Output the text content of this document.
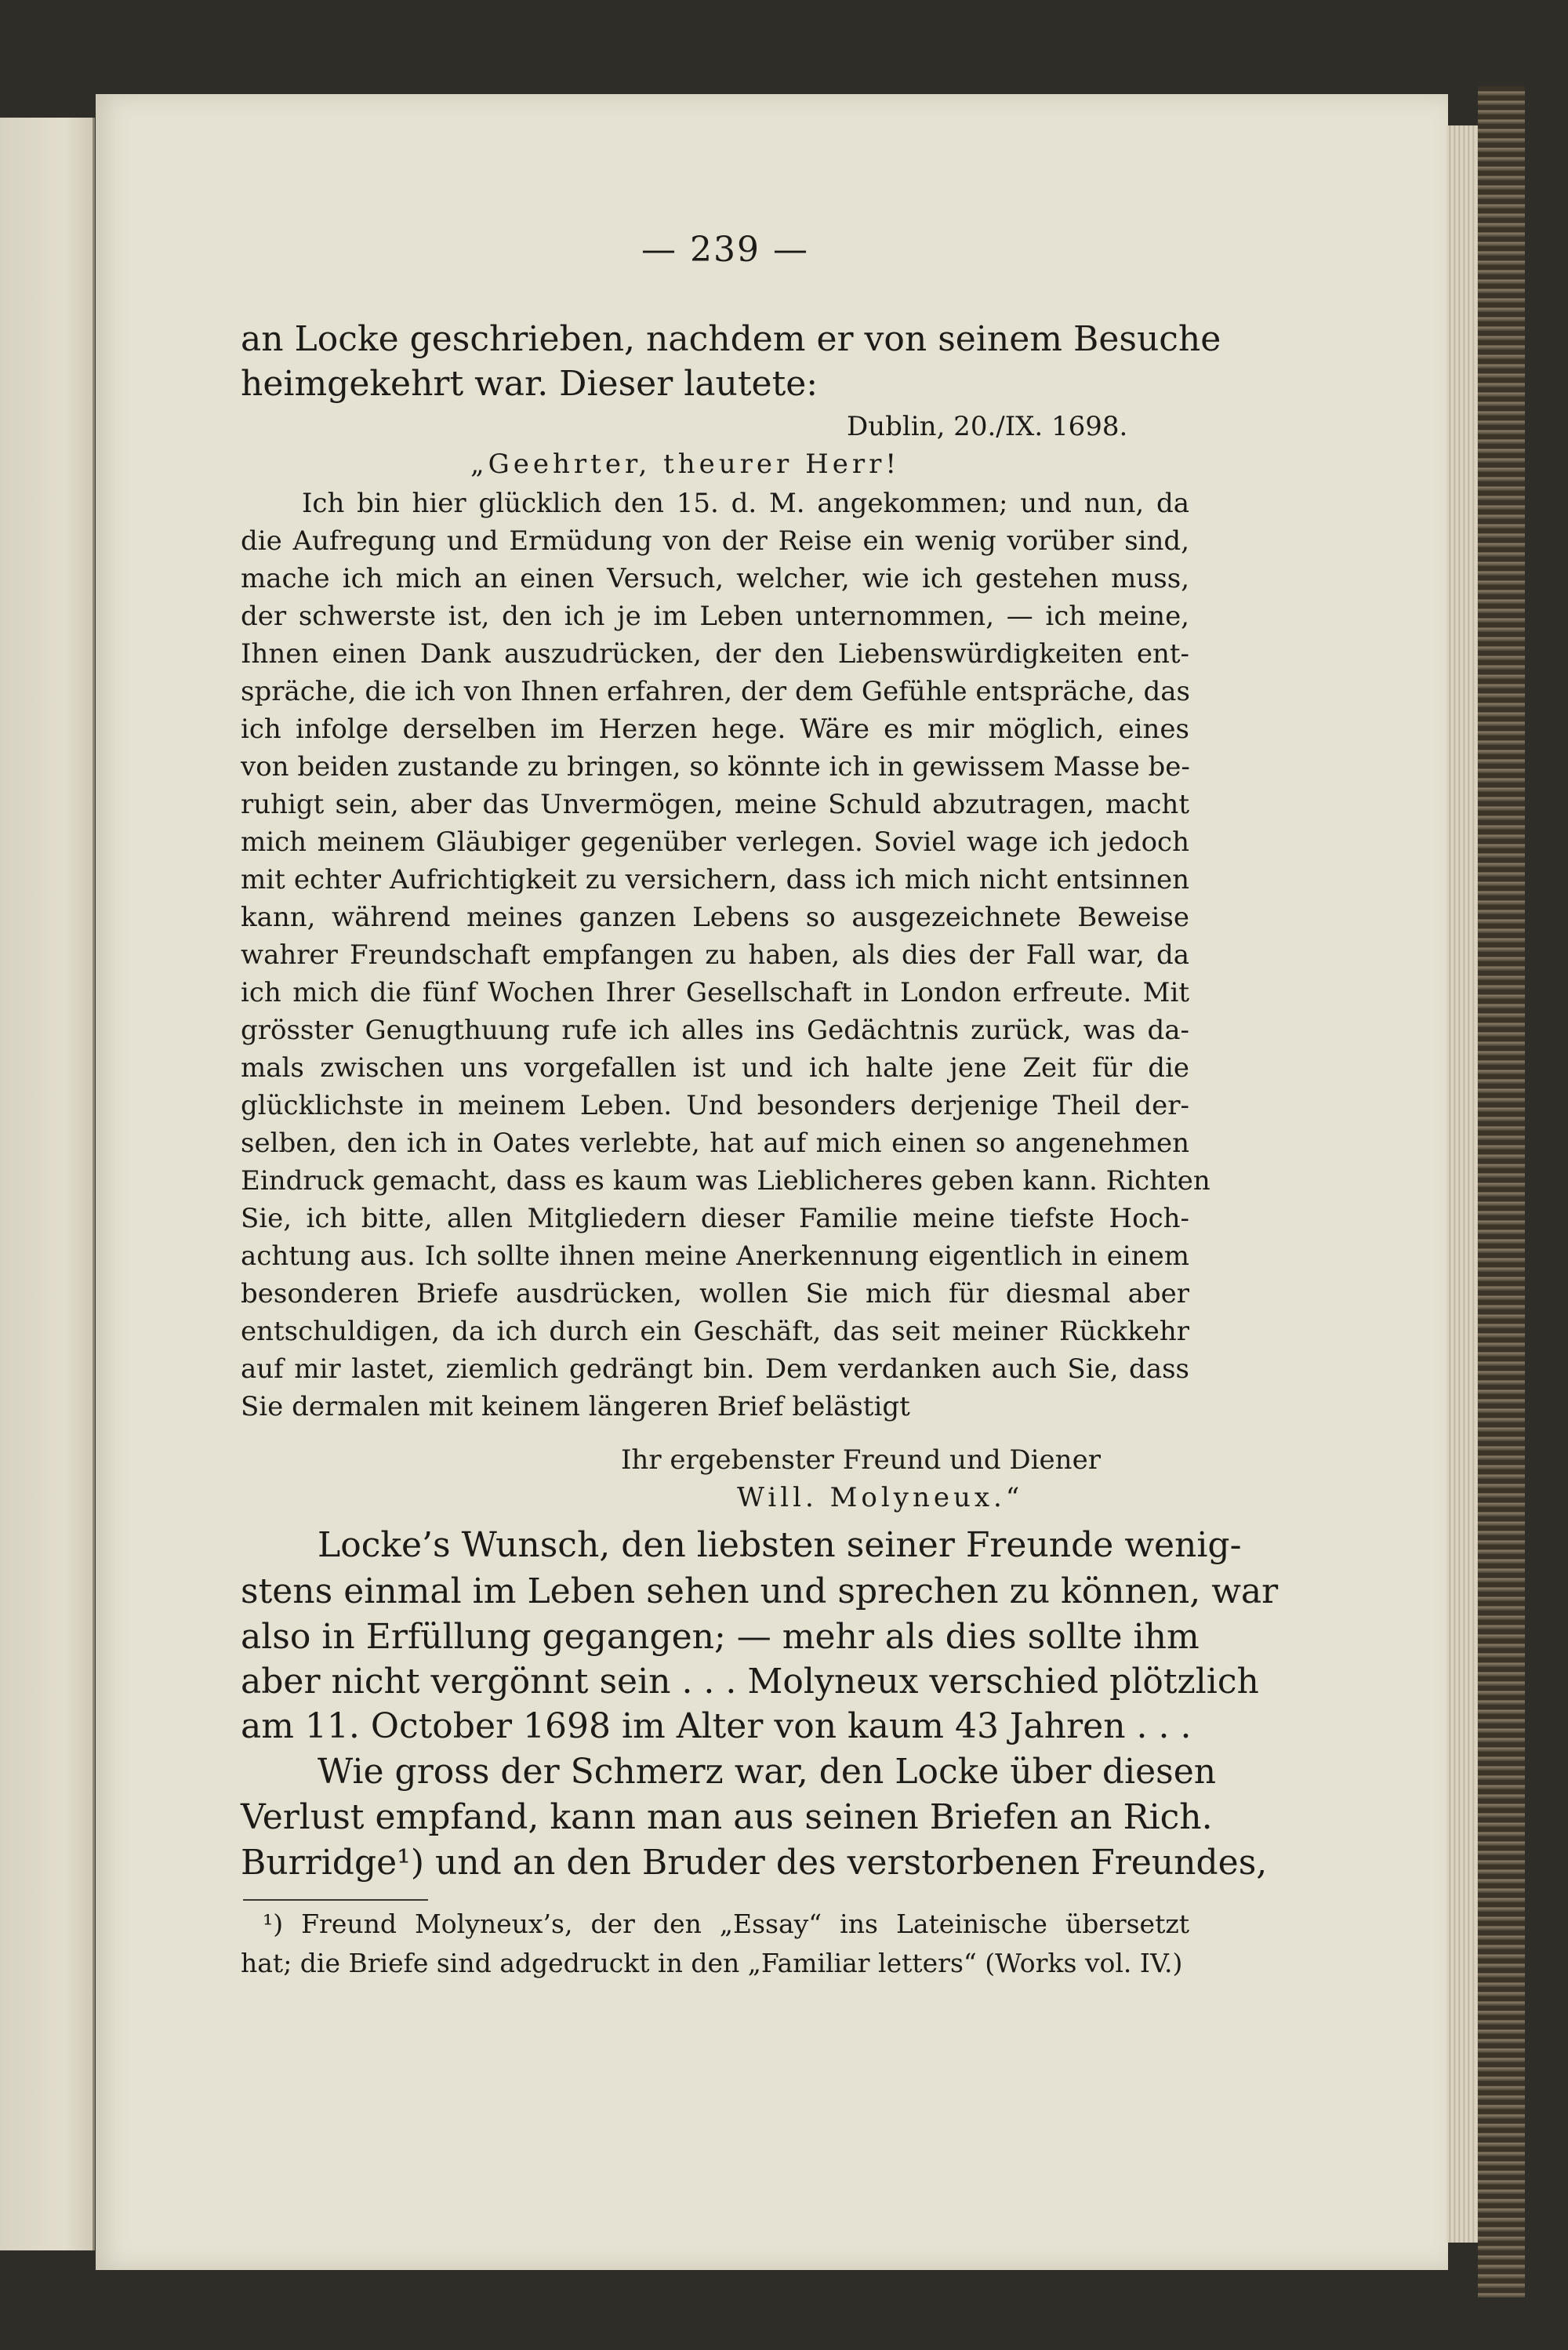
— 239 —
an Locke geschrieben, nachdem er von seinem Besuche
heimgekehrt war. Dieser lautete:
Dublin, 20./IX. 1698.
„Geehrter, theurer Herr!
Ich bin hier glücklich den 15. d. M. angekommen; und nun, da
die Aufregung und Ermüdung von der Reise ein wenig vorüber sind,
mache ich mich an einen Versuch, welcher, wie ich gestehen muss,
der schwerste ist, den ich je im Leben unternommen, — ich meine,
Ihnen einen Dank auszudrücken, der den Liebenswürdigkeiten ent-
spräche, die ich von Ihnen erfahren, der dem Gefühle entspräche, das
ich infolge derselben im Herzen hege. Wäre es mir möglich, eines
von beiden zustande zu bringen, so könnte ich in gewissem Masse be-
ruhigt sein, aber das Unvermögen, meine Schuld abzutragen, macht
mich meinem Gläubiger gegenüber verlegen. Soviel wage ich jedoch
mit echter Aufrichtigkeit zu versichern, dass ich mich nicht entsinnen
kann, während meines ganzen Lebens so ausgezeichnete Beweise
wahrer Freundschaft empfangen zu haben, als dies der Fall war, da
ich mich die fünf Wochen Ihrer Gesellschaft in London erfreute. Mit
grösster Genugthuung rufe ich alles ins Gedächtnis zurück, was da-
mals zwischen uns vorgefallen ist und ich halte jene Zeit für die
glücklichste in meinem Leben. Und besonders derjenige Theil der-
selben, den ich in Oates verlebte, hat auf mich einen so angenehmen
Eindruck gemacht, dass es kaum was Lieblicheres geben kann. Richten
Sie, ich bitte, allen Mitgliedern dieser Familie meine tiefste Hoch-
achtung aus. Ich sollte ihnen meine Anerkennung eigentlich in einem
besonderen Briefe ausdrücken, wollen Sie mich für diesmal aber
entschuldigen, da ich durch ein Geschäft, das seit meiner Rückkehr
auf mir lastet, ziemlich gedrängt bin. Dem verdanken auch Sie, dass
Sie dermalen mit keinem längeren Brief belästigt
Ihr ergebenster Freund und Diener
Will. Molyneux.“
Locke’s Wunsch, den liebsten seiner Freunde wenig-
stens einmal im Leben sehen und sprechen zu können, war
also in Erfüllung gegangen; — mehr als dies sollte ihm
aber nicht vergönnt sein . . . Molyneux verschied plötzlich
am 11. October 1698 im Alter von kaum 43 Jahren . . .
Wie gross der Schmerz war, den Locke über diesen
Verlust empfand, kann man aus seinen Briefen an Rich.
Burridge¹) und an den Bruder des verstorbenen Freundes,
¹) Freund Molyneux’s, der den „Essay“ ins Lateinische übersetzt
hat; die Briefe sind adgedruckt in den „Familiar letters“ (Works vol. IV.)
